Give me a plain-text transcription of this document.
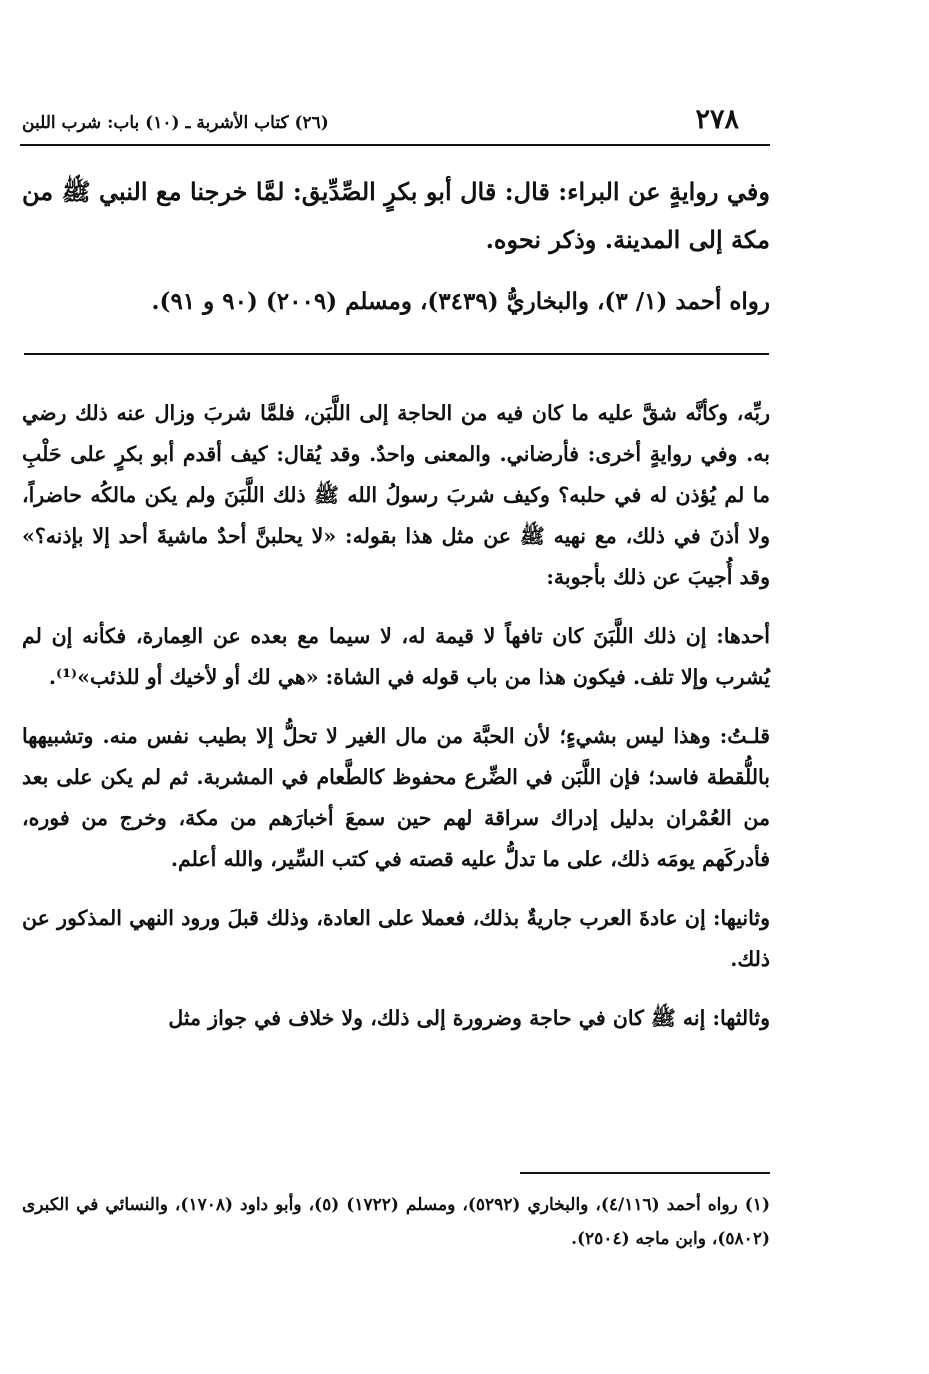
٢٧٨
(٢٦) كتاب الأشربة ـ (١٠) باب: شرب اللبن

وفي روايةٍ عن البراء: قال: قال أبو بكرٍ الصِّدِّيق: لمَّا خرجنا مع النبي ﷺ من مكة إلى المدينة. وذكر نحوه.

رواه أحمد (١/ ٣)، والبخاريُّ (٣٤٣٩)، ومسلم (٢٠٠٩) (٩٠ و ٩١).

ربِّه، وكأنَّه شقَّ عليه ما كان فيه من الحاجة إلى اللَّبَن، فلمَّا شربَ وزال عنه ذلك رضي به. وفي روايةٍ أخرى: فأرضاني. والمعنى واحدٌ. وقد يُقال: كيف أقدم أبو بكرٍ على حَلْبِ ما لم يُؤذن له في حلبه؟ وكيف شربَ رسولُ الله ﷺ ذلك اللَّبَنَ ولم يكن مالكُه حاضراً، ولا أذنَ في ذلك، مع نهيه ﷺ عن مثل هذا بقوله: «لا يحلبنَّ أحدٌ ماشيةَ أحد إلا بإذنه؟» وقد أُجيبَ عن ذلك بأجوبة:

أحدها: إن ذلك اللَّبَنَ كان تافهاً لا قيمة له، لا سيما مع بعده عن العِمارة، فكأنه إن لم يُشرب وإلا تلف. فيكون هذا من باب قوله في الشاة: «هي لك أو لأخيك أو للذئب»⁽¹⁾.

قلـتُ: وهذا ليس بشيءٍ؛ لأن الحبَّة من مال الغير لا تحلُّ إلا بطيب نفس منه. وتشبيهها باللُّقطة فاسد؛ فإن اللَّبَن في الضِّرع محفوظ كالطَّعام في المشربة. ثم لم يكن على بعد من العُمْران بدليل إدراك سراقة لهم حين سمعَ أخبارَهم من مكة، وخرج من فوره، فأدركَهم يومَه ذلك، على ما تدلُّ عليه قصته في كتب السِّير، والله أعلم.

وثانيها: إن عادةَ العرب جاريةٌ بذلك، فعملا على العادة، وذلك قبلَ ورود النهي المذكور عن ذلك.

وثالثها: إنه ﷺ كان في حاجة وضرورة إلى ذلك، ولا خلاف في جواز مثل

(١) رواه أحمد (٤/١١٦)، والبخاري (٥٢٩٢)، ومسلم (١٧٢٢) (٥)، وأبو داود (١٧٠٨)، والنسائي في الكبرى (٥٨٠٢)، وابن ماجه (٢٥٠٤).
